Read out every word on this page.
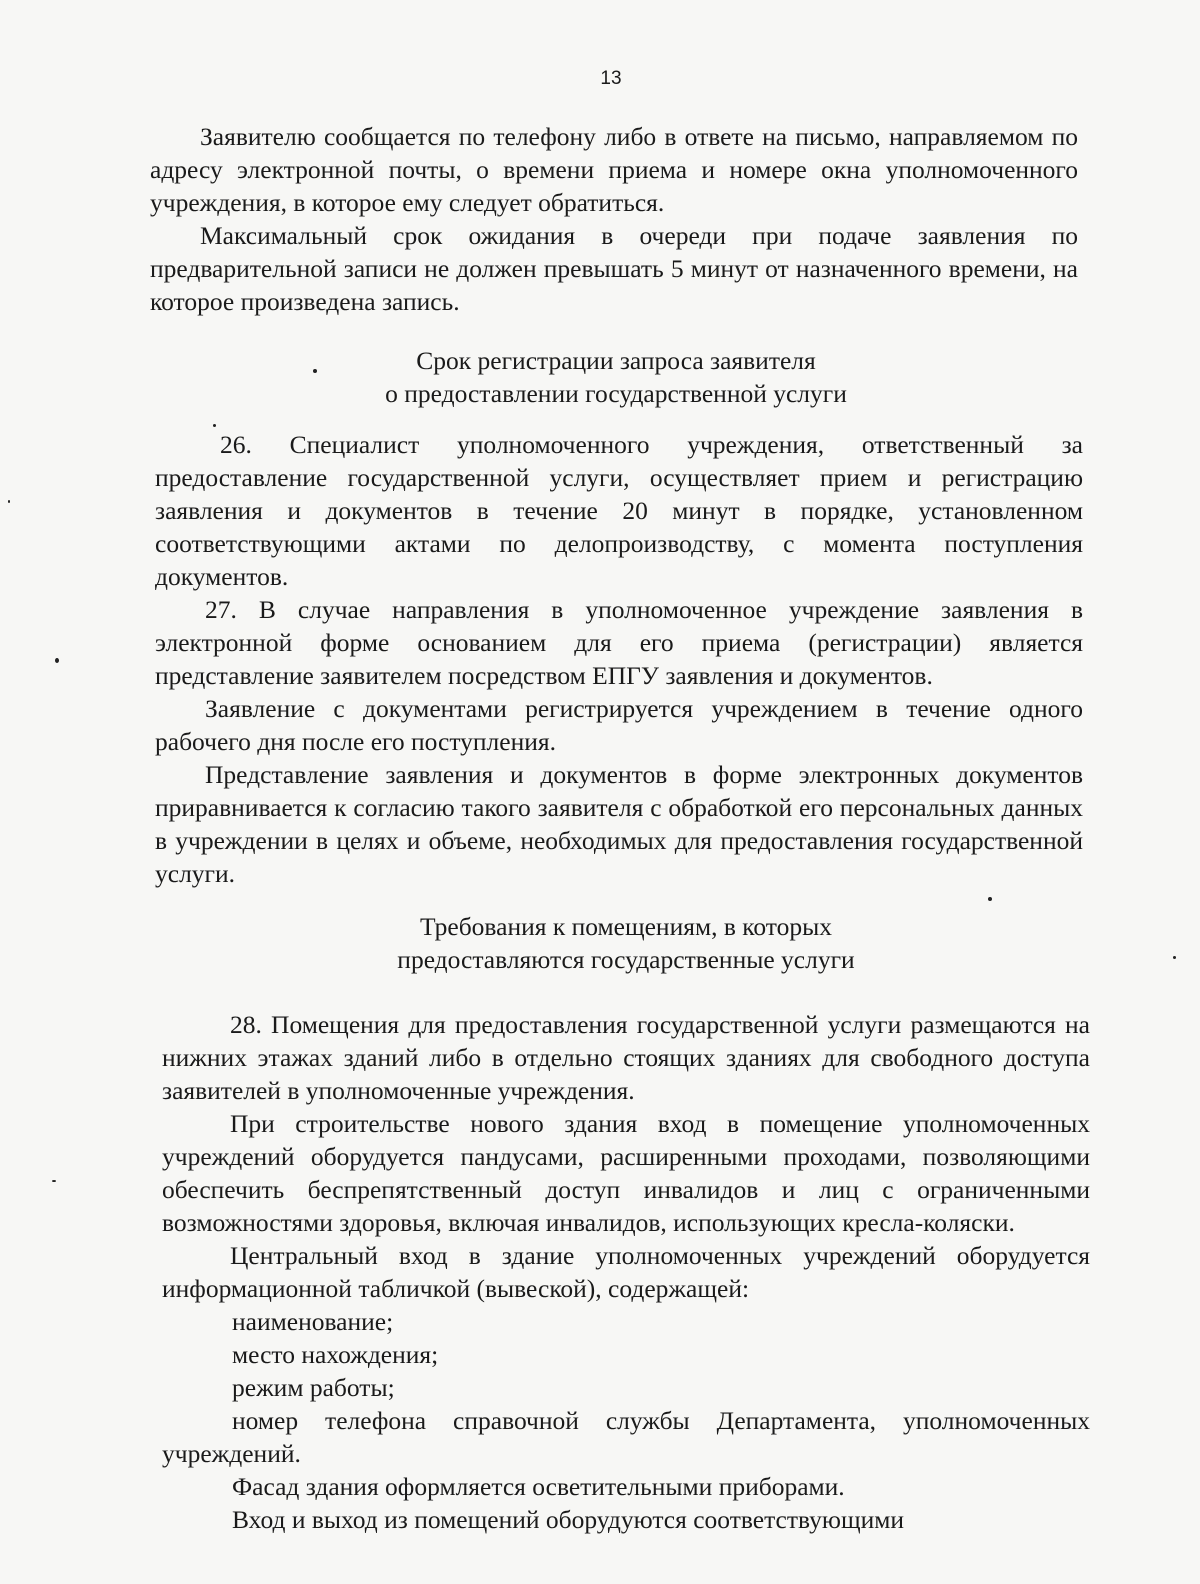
13

Заявителю сообщается по телефону либо в ответе на письмо, направляемом по адресу электронной почты, о времени приема и номере окна уполномоченного учреждения, в которое ему следует обратиться.

Максимальный срок ожидания в очереди при подаче заявления по предварительной записи не должен превышать 5 минут от назначенного времени, на которое произведена запись.

Срок регистрации запроса заявителя
о предоставлении государственной услуги

26. Специалист уполномоченного учреждения, ответственный за предоставление государственной услуги, осуществляет прием и регистрацию заявления и документов в течение 20 минут в порядке, установленном соответствующими актами по делопроизводству, с момента поступления документов.

27. В случае направления в уполномоченное учреждение заявления в электронной форме основанием для его приема (регистрации) является представление заявителем посредством ЕПГУ заявления и документов.

Заявление с документами регистрируется учреждением в течение одного рабочего дня после его поступления.

Представление заявления и документов в форме электронных документов приравнивается к согласию такого заявителя с обработкой его персональных данных в учреждении в целях и объеме, необходимых для предоставления государственной услуги.

Требования к помещениям, в которых
предоставляются государственные услуги

28. Помещения для предоставления государственной услуги размещаются на нижних этажах зданий либо в отдельно стоящих зданиях для свободного доступа заявителей в уполномоченные учреждения.

При строительстве нового здания вход в помещение уполномоченных учреждений оборудуется пандусами, расширенными проходами, позволяющими обеспечить беспрепятственный доступ инвалидов и лиц с ограниченными возможностями здоровья, включая инвалидов, использующих кресла-коляски.

Центральный вход в здание уполномоченных учреждений оборудуется информационной табличкой (вывеской), содержащей:

наименование;

место нахождения;

режим работы;

номер телефона справочной службы Департамента, уполномоченных учреждений.

Фасад здания оформляется осветительными приборами.

Вход и выход из помещений оборудуются соответствующими
